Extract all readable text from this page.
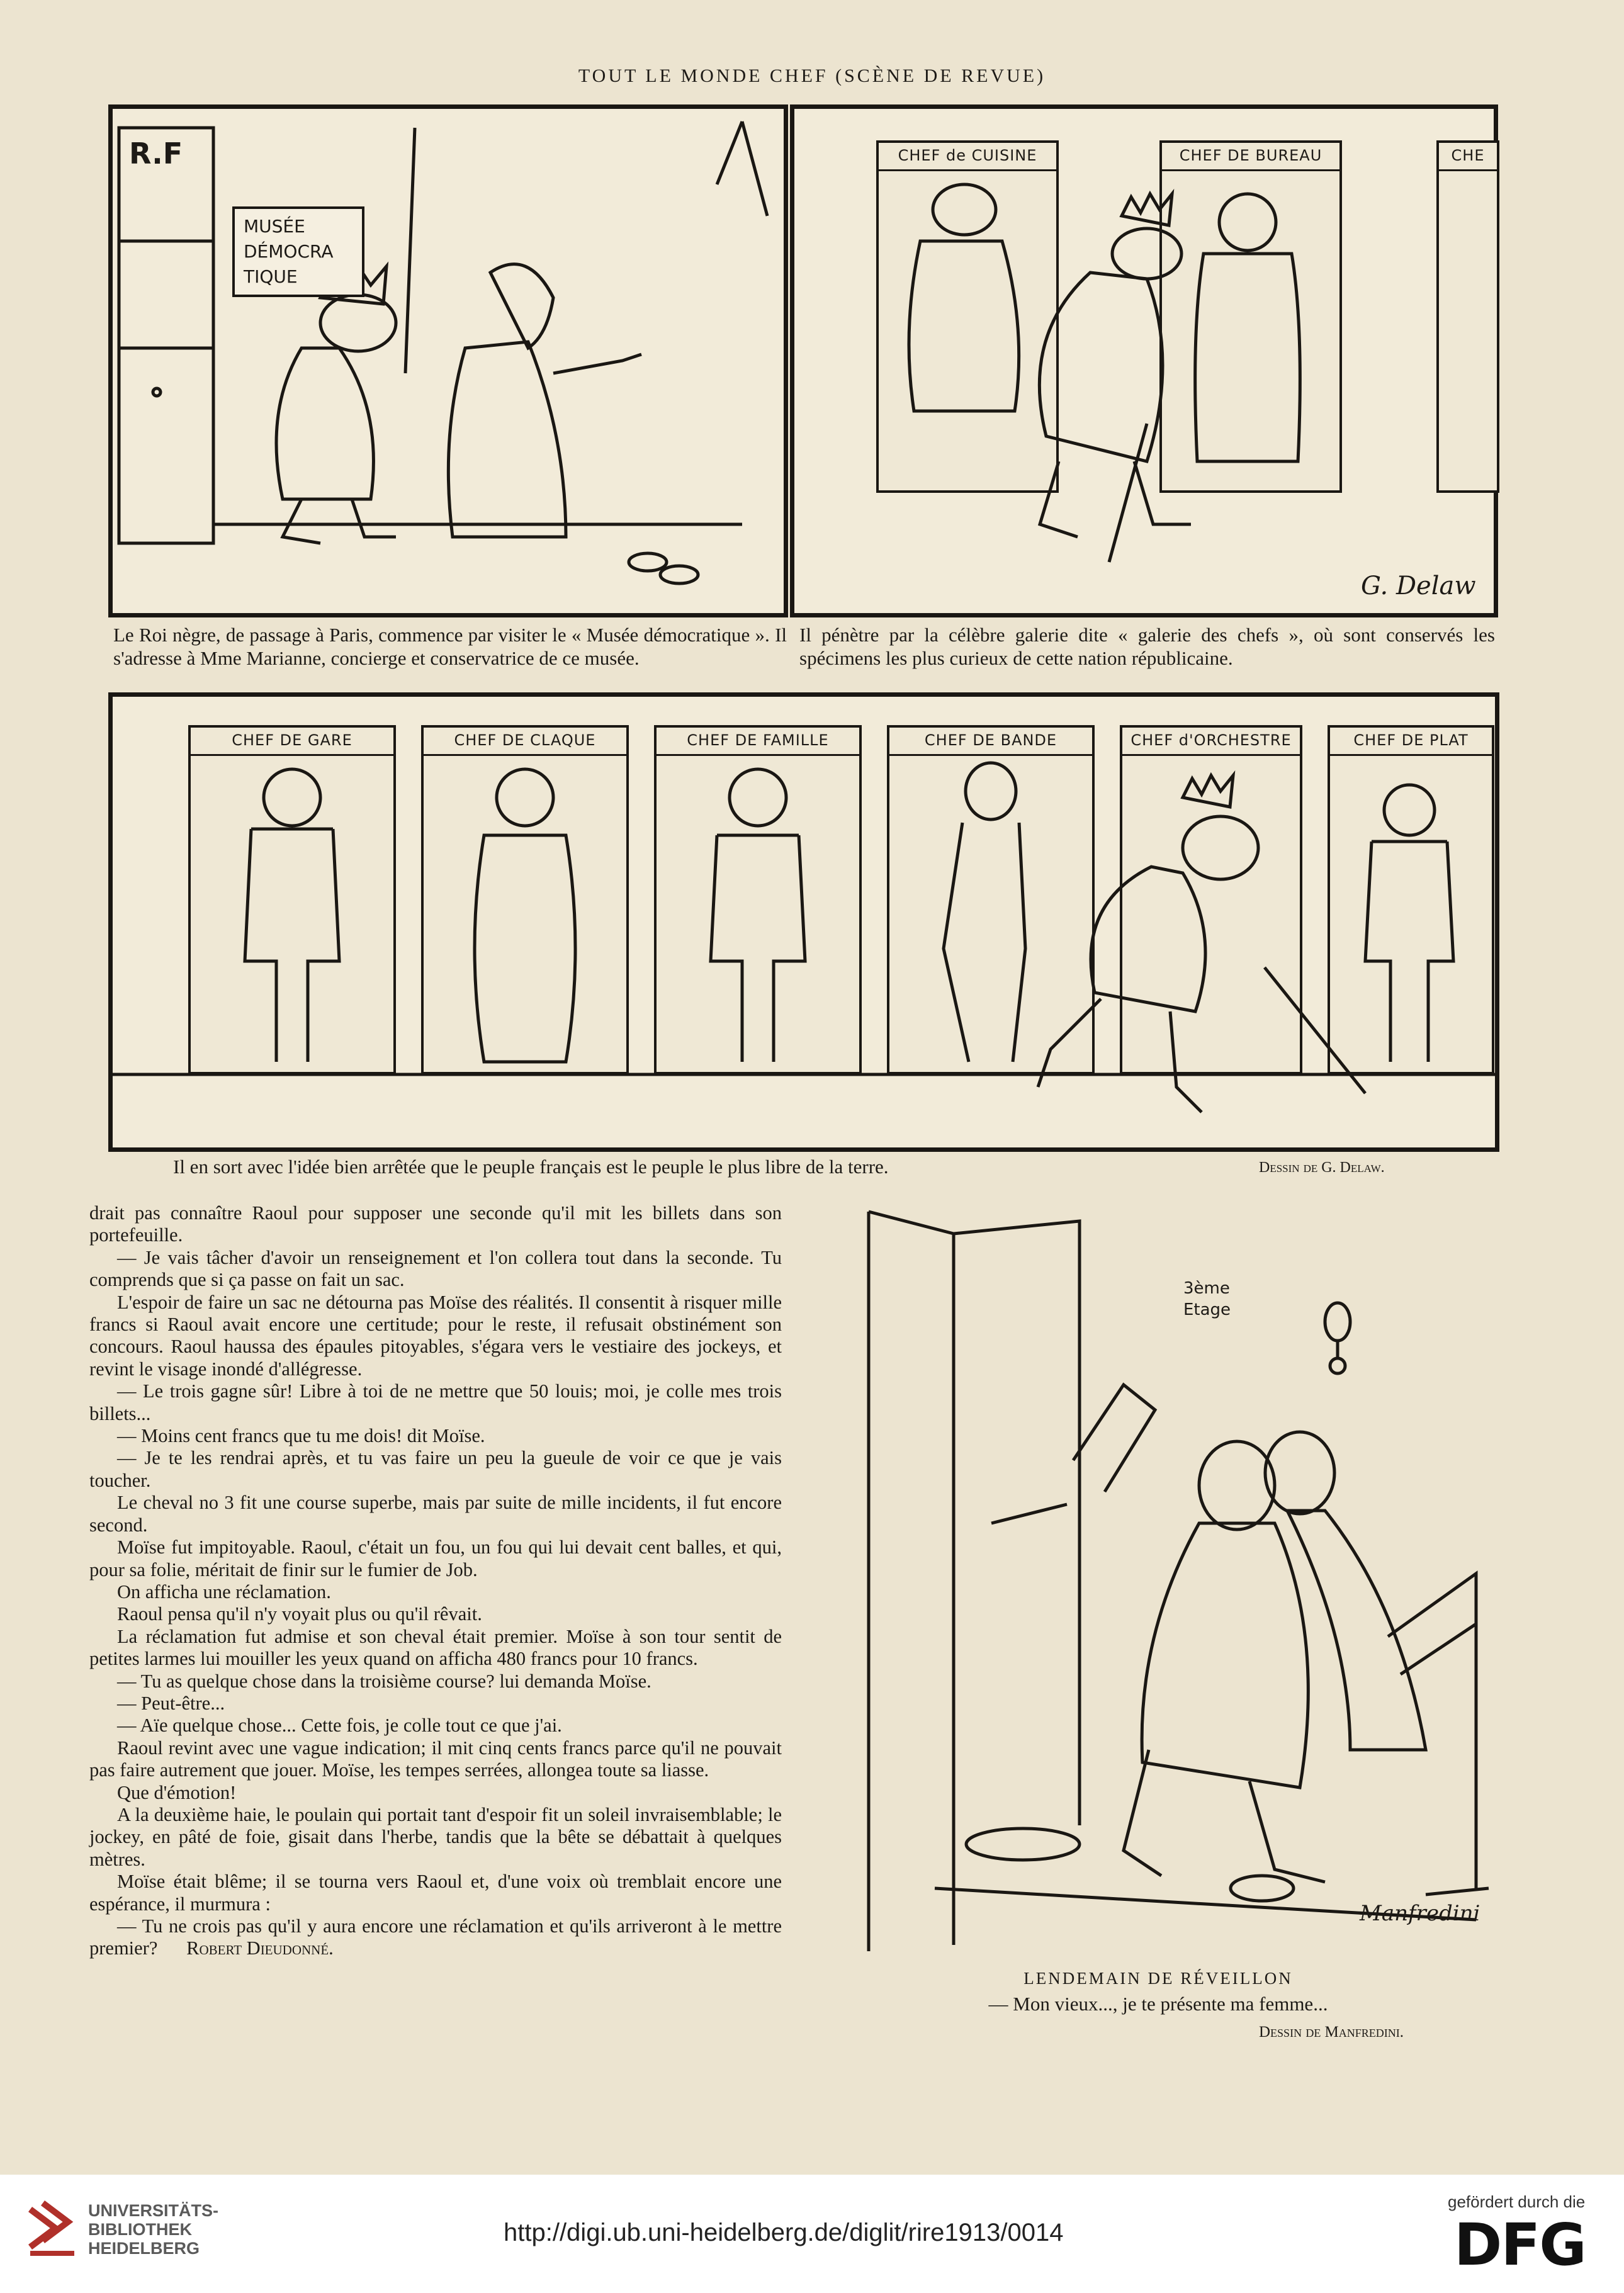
TOUT LE MONDE CHEF (SCÈNE DE REVUE)
R.F
MUSÉE
DÉMOCRA
TIQUE
Le Roi nègre, de passage à Paris, commence par visiter le « Musée démocratique ». Il s'adresse à Mme Marianne, concierge et conservatrice de ce musée.
CHEF de CUISINE	CHEF DE BUREAU	CHE
G. Delaw
Il pénètre par la célèbre galerie dite « galerie des chefs », où sont conservés les spécimens les plus curieux de cette nation républicaine.
CHEF DE GARE	CHEF DE CLAQUE	CHEF DE FAMILLE	CHEF DE BANDE	CHEF d'ORCHESTRE	CHEF DE PLAT
Il en sort avec l'idée bien arrêtée que le peuple français est le peuple le plus libre de la terre.	Dessin de G. Delaw.

drait pas connaître Raoul pour supposer une seconde qu'il mit les billets dans son portefeuille.

— Je vais tâcher d'avoir un renseignement et l'on collera tout dans la seconde. Tu comprends que si ça passe on fait un sac.

L'espoir de faire un sac ne détourna pas Moïse des réalités. Il consentit à risquer mille francs si Raoul avait encore une certitude; pour le reste, il refusait obstinément son concours. Raoul haussa des épaules pitoyables, s'égara vers le vestiaire des jockeys, et revint le visage inondé d'allégresse.

— Le trois gagne sûr! Libre à toi de ne mettre que 50 louis; moi, je colle mes trois billets...

— Moins cent francs que tu me dois! dit Moïse.

— Je te les rendrai après, et tu vas faire un peu la gueule de voir ce que je vais toucher.

Le cheval no 3 fit une course superbe, mais par suite de mille incidents, il fut encore second.

Moïse fut impitoyable. Raoul, c'était un fou, un fou qui lui devait cent balles, et qui, pour sa folie, méritait de finir sur le fumier de Job.

On afficha une réclamation.

Raoul pensa qu'il n'y voyait plus ou qu'il rêvait.

La réclamation fut admise et son cheval était premier. Moïse à son tour sentit de petites larmes lui mouiller les yeux quand on afficha 480 francs pour 10 francs.

— Tu as quelque chose dans la troisième course? lui demanda Moïse.

— Peut-être...

— Aïe quelque chose... Cette fois, je colle tout ce que j'ai.

Raoul revint avec une vague indication; il mit cinq cents francs parce qu'il ne pouvait pas faire autrement que jouer. Moïse, les tempes serrées, allongea toute sa liasse.

Que d'émotion!

A la deuxième haie, le poulain qui portait tant d'espoir fit un soleil invraisemblable; le jockey, en pâté de foie, gisait dans l'herbe, tandis que la bête se débattait à quelques mètres.

Moïse était blême; il se tourna vers Raoul et, d'une voix où tremblait encore une espérance, il murmura :

— Tu ne crois pas qu'il y aura encore une réclamation et qu'ils arriveront à le mettre premier? Robert Dieudonné.

3ème Etage
Manfredini
LENDEMAIN DE RÉVEILLON
— Mon vieux..., je te présente ma femme...
Dessin de Manfredini.
UNIVERSITÄTS-
BIBLIOTHEK
HEIDELBERG
http://digi.ub.uni-heidelberg.de/diglit/rire1913/0014
gefördert durch die
DFG
